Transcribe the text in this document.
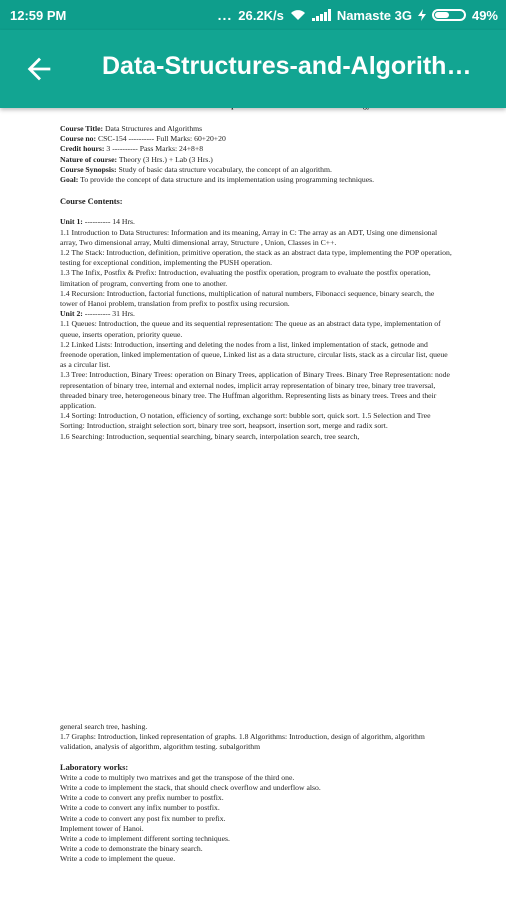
12:59 PM	... 26.2K/s	Namaste 3G	49%
Data-Structures-and-Algorith…

Course Title: Data Structures and Algorithms

Course no: CSC-154 ---------- Full Marks: 60+20+20

Credit hours: 3 ---------- Pass Marks: 24+8+8

Nature of course: Theory (3 Hrs.) + Lab (3 Hrs.)

Course Synopsis: Study of basic data structure vocabulary, the concept of an algorithm.

Goal: To provide the concept of data structure and its implementation using programming techniques.

Course Contents:

Unit 1: ---------- 14 Hrs.

1.1 Introduction to Data Structures: Information and its meaning, Array in C: The array as an ADT, Using one dimensional array, Two dimensional array, Multi dimensional array, Structure , Union, Classes in C++.

1.2 The Stack: Introduction, definition, primitive operation, the stack as an abstract data type, implementing the POP operation, testing for exceptional condition, implementing the PUSH operation.

1.3 The Infix, Postfix & Prefix: Introduction, evaluating the postfix operation, program to evaluate the postfix operation, limitation of program, converting from one to another.

1.4 Recursion: Introduction, factorial functions, multiplication of natural numbers, Fibonacci sequence, binary search, the tower of Hanoi problem, translation from prefix to postfix using recursion.

Unit 2: ---------- 31 Hrs.

1.1 Queues: Introduction, the queue and its sequential representation: The queue as an abstract data type, implementation of queue, inserts operation, priority queue.

1.2 Linked Lists: Introduction, inserting and deleting the nodes from a list, linked implementation of stack, getnode and freenode operation, linked implementation of queue, Linked list as a data structure, circular lists, stack as a circular list, queue as a circular list.

1.3 Tree: Introduction, Binary Trees: operation on Binary Trees, application of Binary Trees. Binary Tree Representation: node representation of binary tree, internal and external nodes, implicit array representation of binary tree, binary tree traversal, threaded binary tree, heterogeneous binary tree. The Huffman algorithm. Representing lists as binary trees. Trees and their application.

1.4 Sorting: Introduction, O notation, efficiency of sorting, exchange sort: bubble sort, quick sort. 1.5 Selection and Tree Sorting: Introduction, straight selection sort, binary tree sort, heapsort, insertion sort, merge and radix sort.

1.6 Searching: Introduction, sequential searching, binary search, interpolation search, tree search,

general search tree, hashing.

1.7 Graphs: Introduction, linked representation of graphs. 1.8 Algorithms: Introduction, design of algorithm, algorithm validation, analysis of algorithm, algorithm testing. subalgorithm

Laboratory works:

Write a code to multiply two matrixes and get the transpose of the third one.

Write a code to implement the stack, that should check overflow and underflow also.

Write a code to convert any prefix number to postfix.

Write a code to convert any infix number to postfix.

Write a code to convert any post fix number to prefix.

Implement tower of Hanoi.

Write a code to implement different sorting techniques.

Write a code to demonstrate the binary search.

Write a code to implement the queue.
